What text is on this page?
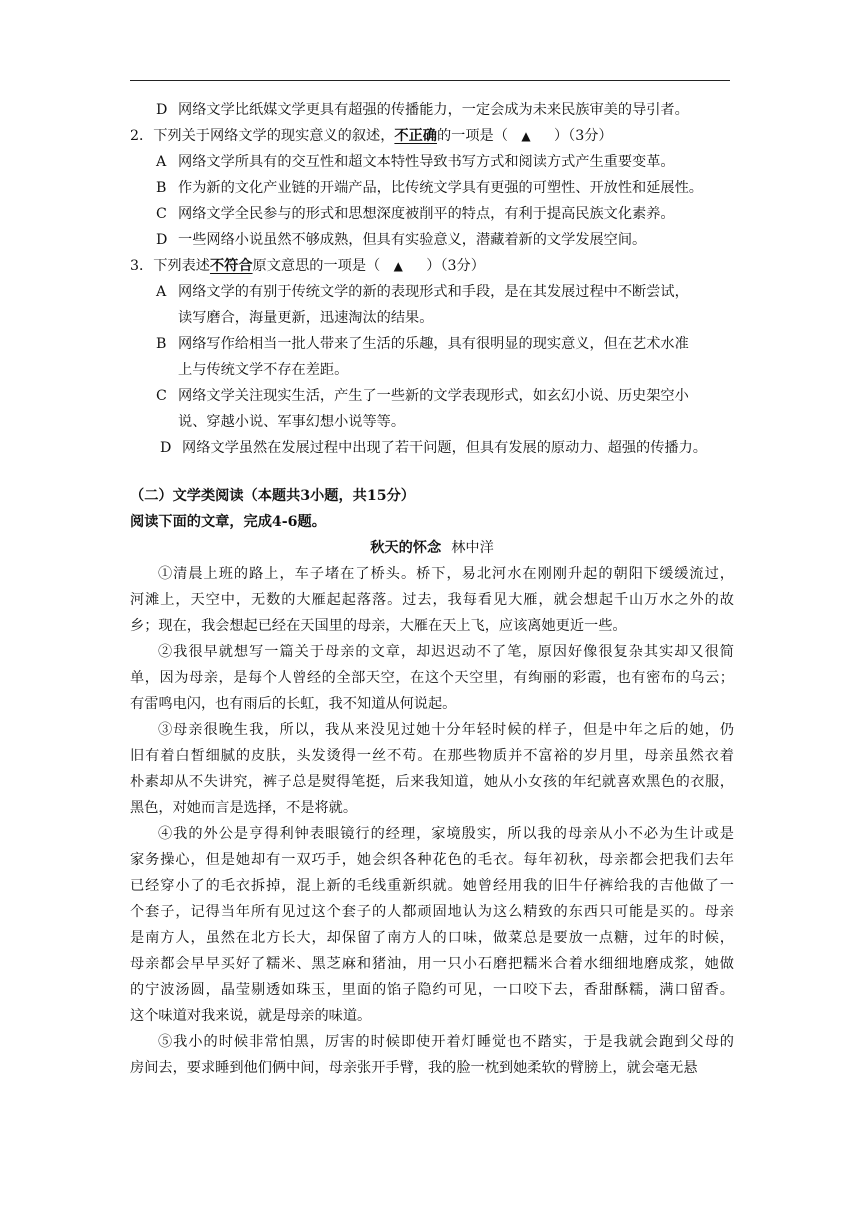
D 网络文学比纸媒文学更具有超强的传播能力，一定会成为未来民族审美的导引者。
2．下列关于网络文学的现实意义的叙述，不正确的一项是（ ▲ ）（3分）
A 网络文学所具有的交互性和超文本特性导致书写方式和阅读方式产生重要变革。
B 作为新的文化产业链的开端产品，比传统文学具有更强的可塑性、开放性和延展性。
C 网络文学全民参与的形式和思想深度被削平的特点，有利于提高民族文化素养。
D 一些网络小说虽然不够成熟，但具有实验意义，潜藏着新的文学发展空间。
3．下列表述不符合原文意思的一项是（ ▲ ）（3分）
A 网络文学的有别于传统文学的新的表现形式和手段，是在其发展过程中不断尝试，
读写磨合，海量更新，迅速淘汰的结果。
B 网络写作给相当一批人带来了生活的乐趣，具有很明显的现实意义，但在艺术水准
上与传统文学不存在差距。
C 网络文学关注现实生活，产生了一些新的文学表现形式，如玄幻小说、历史架空小
说、穿越小说、军事幻想小说等等。
D 网络文学虽然在发展过程中出现了若干问题，但具有发展的原动力、超强的传播力。
（二）文学类阅读（本题共3小题，共15分）
阅读下面的文章，完成4-6题。
秋天的怀念 林中洋
①清晨上班的路上，车子堵在了桥头。桥下，易北河水在刚刚升起的朝阳下缓缓流过，
河滩上，天空中，无数的大雁起起落落。过去，我每看见大雁，就会想起千山万水之外的故
乡；现在，我会想起已经在天国里的母亲，大雁在天上飞，应该离她更近一些。
②我很早就想写一篇关于母亲的文章，却迟迟动不了笔，原因好像很复杂其实却又很简
单，因为母亲，是每个人曾经的全部天空，在这个天空里，有绚丽的彩霞，也有密布的乌云；
有雷鸣电闪，也有雨后的长虹，我不知道从何说起。
③母亲很晚生我，所以，我从来没见过她十分年轻时候的样子，但是中年之后的她，仍
旧有着白皙细腻的皮肤，头发烫得一丝不苟。在那些物质并不富裕的岁月里，母亲虽然衣着
朴素却从不失讲究，裤子总是熨得笔挺，后来我知道，她从小女孩的年纪就喜欢黑色的衣服，
黑色，对她而言是选择，不是将就。
④我的外公是亨得利钟表眼镜行的经理，家境殷实，所以我的母亲从小不必为生计或是
家务操心，但是她却有一双巧手，她会织各种花色的毛衣。每年初秋，母亲都会把我们去年
已经穿小了的毛衣拆掉，混上新的毛线重新织就。她曾经用我的旧牛仔裤给我的吉他做了一
个套子，记得当年所有见过这个套子的人都顽固地认为这么精致的东西只可能是买的。母亲
是南方人，虽然在北方长大，却保留了南方人的口味，做菜总是要放一点糖，过年的时候，
母亲都会早早买好了糯米、黑芝麻和猪油，用一只小石磨把糯米合着水细细地磨成浆，她做
的宁波汤圆，晶莹剔透如珠玉，里面的馅子隐约可见，一口咬下去，香甜酥糯，满口留香。
这个味道对我来说，就是母亲的味道。
⑤我小的时候非常怕黑，厉害的时候即使开着灯睡觉也不踏实，于是我就会跑到父母的
房间去，要求睡到他们俩中间，母亲张开手臂，我的脸一枕到她柔软的臂膀上，就会毫无悬
